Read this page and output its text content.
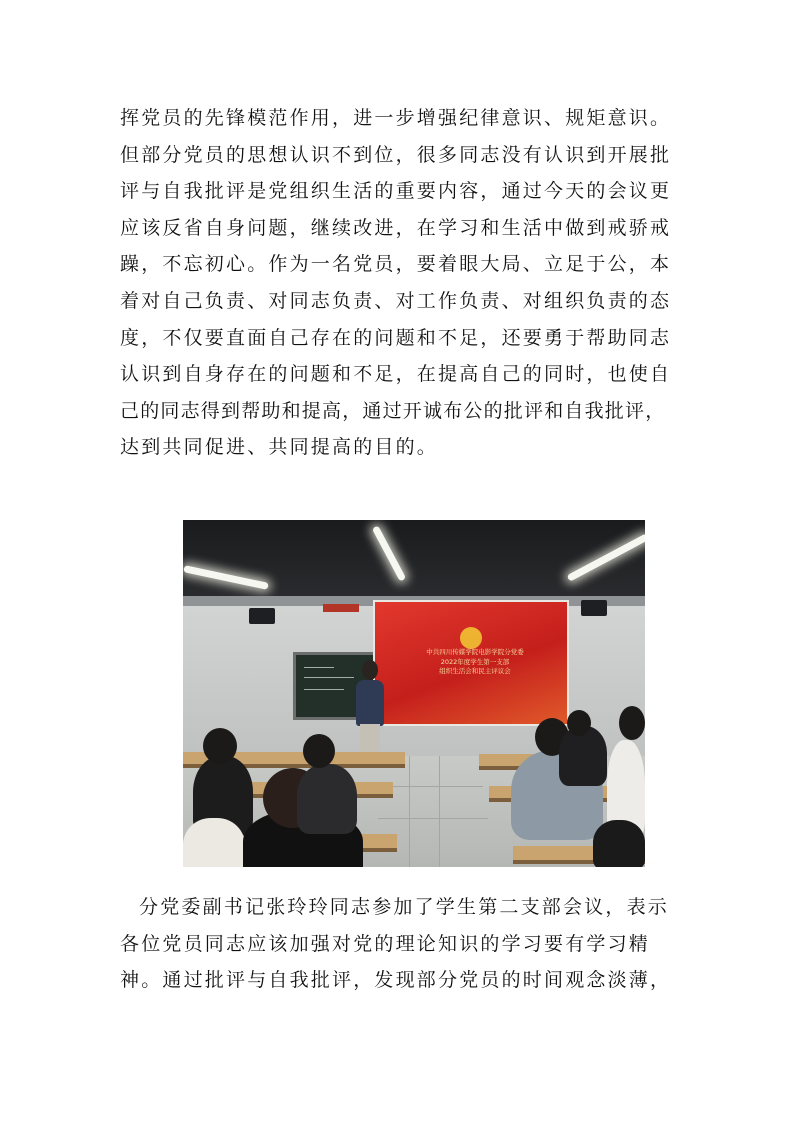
挥党员的先锋模范作用，进一步增强纪律意识、规矩意识。
但部分党员的思想认识不到位，很多同志没有认识到开展批
评与自我批评是党组织生活的重要内容，通过今天的会议更
应该反省自身问题，继续改进，在学习和生活中做到戒骄戒
躁，不忘初心。作为一名党员，要着眼大局、立足于公，本
着对自己负责、对同志负责、对工作负责、对组织负责的态
度，不仅要直面自己存在的问题和不足，还要勇于帮助同志
认识到自身存在的问题和不足，在提高自己的同时，也使自
己的同志得到帮助和提高，通过开诚布公的批评和自我批评，
达到共同促进、共同提高的目的。

中共四川传媒学院电影学院分党委
2022年度学生第一支部
组织生活会和民主评议会

分党委副书记张玲玲同志参加了学生第二支部会议，表示
各位党员同志应该加强对党的理论知识的学习要有学习精
神。通过批评与自我批评，发现部分党员的时间观念淡薄，
